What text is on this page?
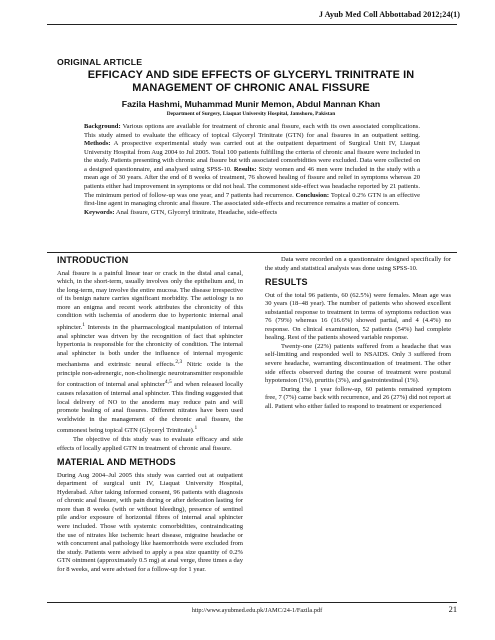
J Ayub Med Coll Abbottabad 2012;24(1)
ORIGINAL ARTICLE
EFFICACY AND SIDE EFFECTS OF GLYCERYL TRINITRATE IN MANAGEMENT OF CHRONIC ANAL FISSURE
Fazila Hashmi, Muhammad Munir Memon, Abdul Mannan Khan
Department of Surgery, Liaquat University Hospital, Jamshoro, Pakistan

Background: Various options are available for treatment of chronic anal fissure, each with its own associated complications. This study aimed to evaluate the efficacy of topical Glyceryl Trinitrate (GTN) for anal fissures in an outpatient setting. Methods: A prospective experimental study was carried out at the outpatient department of Surgical Unit IV, Liaquat University Hospital from Aug 2004 to Jul 2005. Total 100 patients fulfilling the criteria of chronic anal fissure were included in the study. Patients presenting with chronic anal fissure but with associated comorbidities were excluded. Data were collected on a designed questionnaire, and analysed using SPSS-10. Results: Sixty women and 46 men were included in the study with a mean age of 30 years. After the end of 8 weeks of treatment, 76 showed healing of fissure and relief in symptoms whereas 20 patients either had improvement in symptoms or did not heal. The commonest side-effect was headache reported by 21 patients. The minimum period of follow-up was one year, and 7 patients had recurrence. Conclusion: Topical 0.2% GTN is an effective first-line agent in managing chronic anal fissure. The associated side-effects and recurrence remains a matter of concern.

Keywords: Anal fissure, GTN, Glyceryl trinitrate, Headache, side-effects

INTRODUCTION

Anal fissure is a painful linear tear or crack in the distal anal canal, which, in the short-term, usually involves only the epithelium and, in the long-term, may involve the entire mucosa. The disease irrespective of its benign nature carries significant morbidity. The aetiology is no more an enigma and recent work attributes the chronicity of this condition with ischemia of anoderm due to hypertonic internal anal sphincter.$^1$ Interests in the pharmacological manipulation of internal anal sphincter was driven by the recognition of fact that sphincter hypertonia is responsible for the chronicity of condition. The internal anal sphincter is both under the influence of internal myogenic mechanisms and extrinsic neural effects.$^{2,3}$ Nitric oxide is the principle non-adrenergic, non-cholinergic neurotransmitter responsible for contraction of internal anal sphincter$^{4,5}$ and when released locally causes relaxation of internal anal sphincter. This finding suggested that local delivery of NO to the anoderm may reduce pain and will promote healing of anal fissures. Different nitrates have been used worldwide in the management of the chronic anal fissure, the commonest being topical GTN (Glyceryl Trinitrate).$^1$

The objective of this study was to evaluate efficacy and side effects of locally applied GTN in treatment of chronic anal fissure.

MATERIAL AND METHODS

During Aug 2004–Jul 2005 this study was carried out at outpatient department of surgical unit IV, Liaquat University Hospital, Hyderabad. After taking informed consent, 96 patients with diagnosis of chronic anal fissure, with pain during or after defecation lasting for more than 8 weeks (with or without bleeding), presence of sentinel pile and/or exposure of horizontal fibres of internal anal sphincter were included. Those with systemic comorbidities, contraindicating the use of nitrates like ischemic heart disease, migraine headache or with concurrent anal pathology like haemorrhoids were excluded from the study. Patients were advised to apply a pea size quantity of 0.2% GTN ointment (approximately 0.5 mg) at anal verge, three times a day for 8 weeks, and were advised for a follow-up for 1 year.

Data were recorded on a questionnaire designed specifically for the study and statistical analysis was done using SPSS-10.

RESULTS

Out of the total 96 patients, 60 (62.5%) were females. Mean age was 30 years (18–48 year). The number of patients who showed excellent substantial response to treatment in terms of symptoms reduction was 76 (79%) whereas 16 (16.6%) showed partial, and 4 (4.4%) no response. On clinical examination, 52 patients (54%) had complete healing. Rest of the patients showed variable response.

Twenty-one (22%) patients suffered from a headache that was self-limiting and responded well to NSAIDS. Only 3 suffered from severe headache, warranting discontinuation of treatment. The other side effects observed during the course of treatment were postural hypotension (1%), pruritis (3%), and gastrointestinal (1%).

During the 1 year follow-up, 60 patients remained symptom free, 7 (7%) came back with recurrence, and 26 (27%) did not report at all. Patient who either failed to respond to treatment or experienced

http://www.ayubmed.edu.pk/JAMC/24-1/Fazila.pdf	21
